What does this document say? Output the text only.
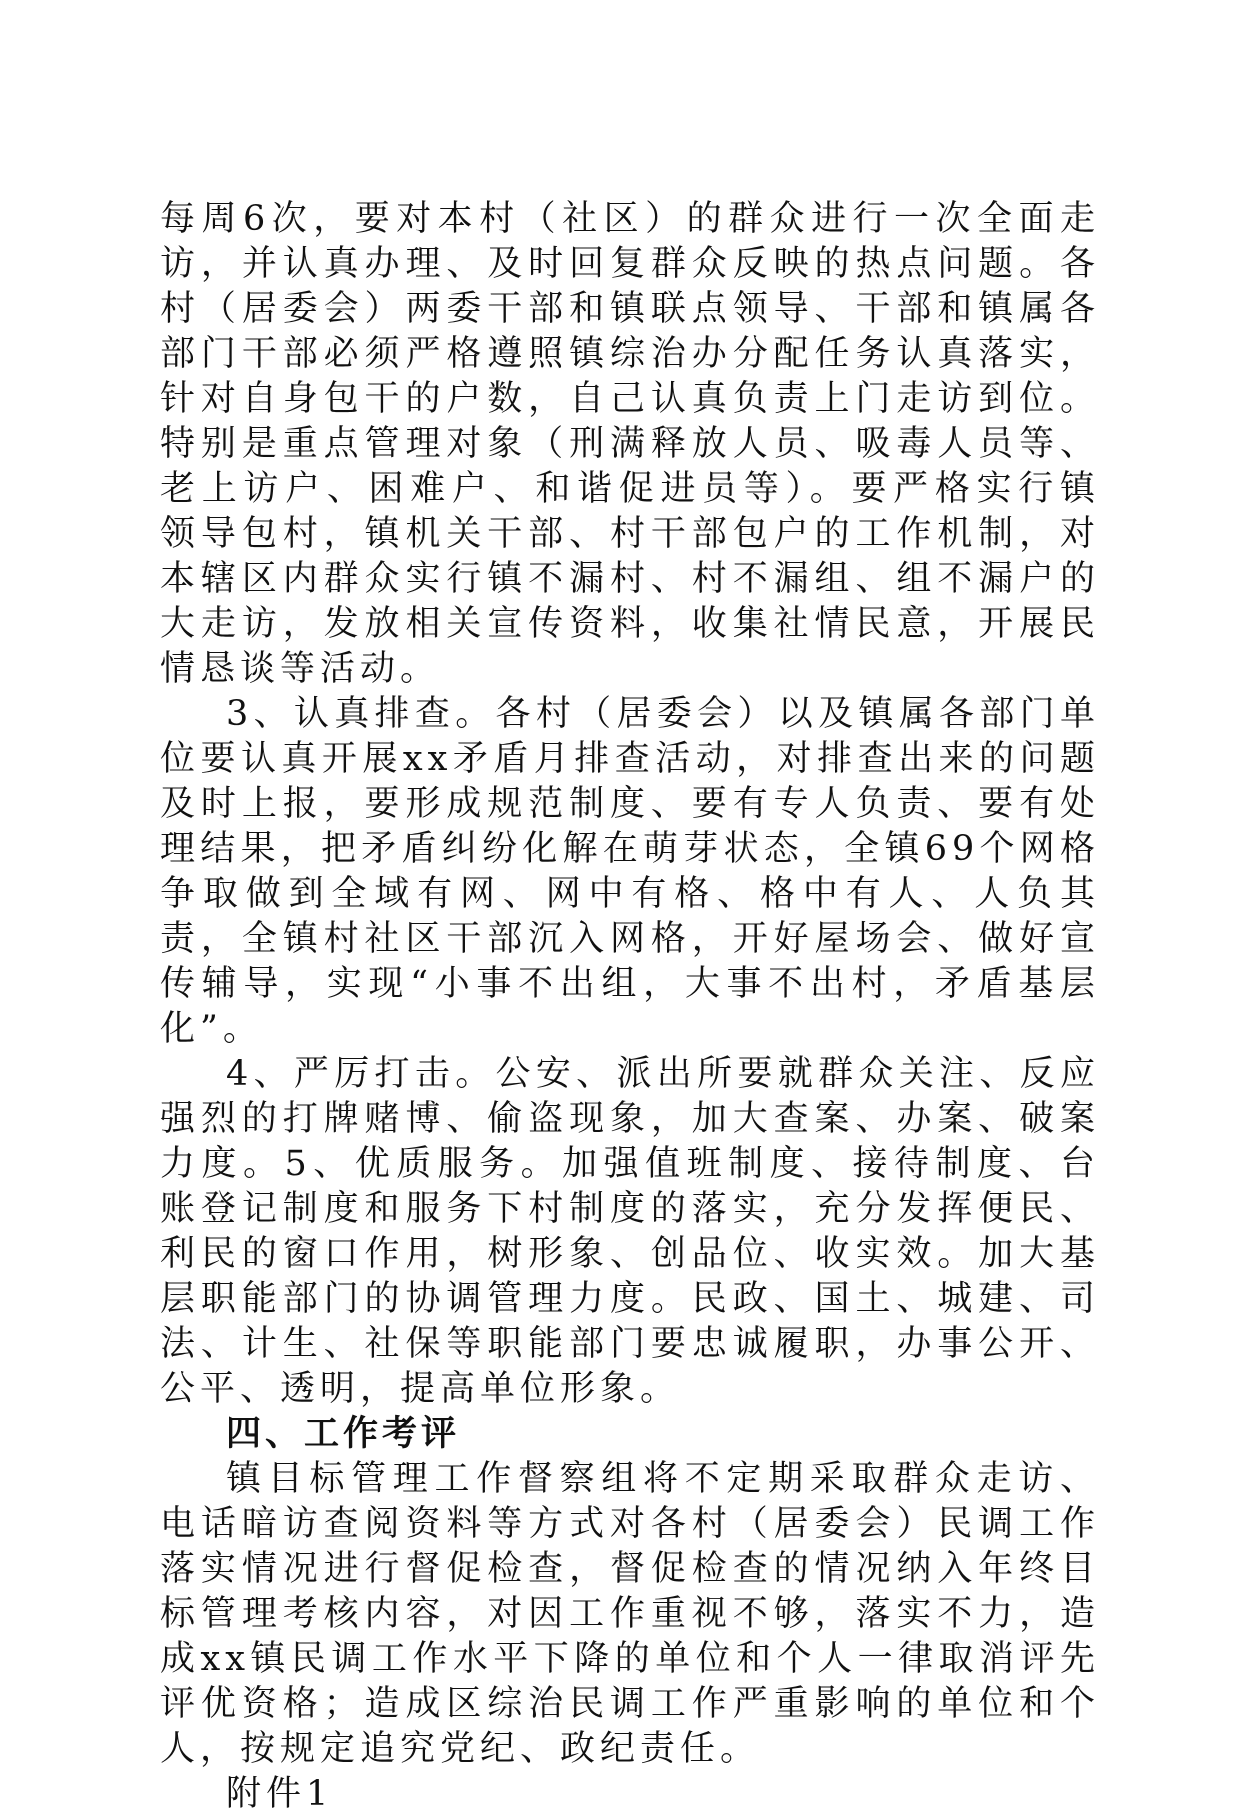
每周6次，要对本村（社区）的群众进行一次全面走访，并认真办理、及时回复群众反映的热点问题。各村（居委会）两委干部和镇联点领导、干部和镇属各部门干部必须严格遵照镇综治办分配任务认真落实，针对自身包干的户数，自己认真负责上门走访到位。特别是重点管理对象（刑满释放人员、吸毒人员等、老上访户、困难户、和谐促进员等）。要严格实行镇领导包村，镇机关干部、村干部包户的工作机制，对本辖区内群众实行镇不漏村、村不漏组、组不漏户的大走访，发放相关宣传资料，收集社情民意，开展民情恳谈等活动。

3、认真排查。各村（居委会）以及镇属各部门单位要认真开展xx矛盾月排查活动，对排查出来的问题及时上报，要形成规范制度、要有专人负责、要有处理结果，把矛盾纠纷化解在萌芽状态，全镇69个网格争取做到全域有网、网中有格、格中有人、人负其责，全镇村社区干部沉入网格，开好屋场会、做好宣传辅导，实现“小事不出组，大事不出村，矛盾基层化”。

4、严厉打击。公安、派出所要就群众关注、反应强烈的打牌赌博、偷盗现象，加大查案、办案、破案力度。5、优质服务。加强值班制度、接待制度、台账登记制度和服务下村制度的落实，充分发挥便民、利民的窗口作用，树形象、创品位、收实效。加大基层职能部门的协调管理力度。民政、国土、城建、司法、计生、社保等职能部门要忠诚履职，办事公开、公平、透明，提高单位形象。

四、工作考评

镇目标管理工作督察组将不定期采取群众走访、电话暗访查阅资料等方式对各村（居委会）民调工作落实情况进行督促检查，督促检查的情况纳入年终目标管理考核内容，对因工作重视不够，落实不力，造成xx镇民调工作水平下降的单位和个人一律取消评先评优资格；造成区综治民调工作严重影响的单位和个人，按规定追究党纪、政纪责任。

附件1
